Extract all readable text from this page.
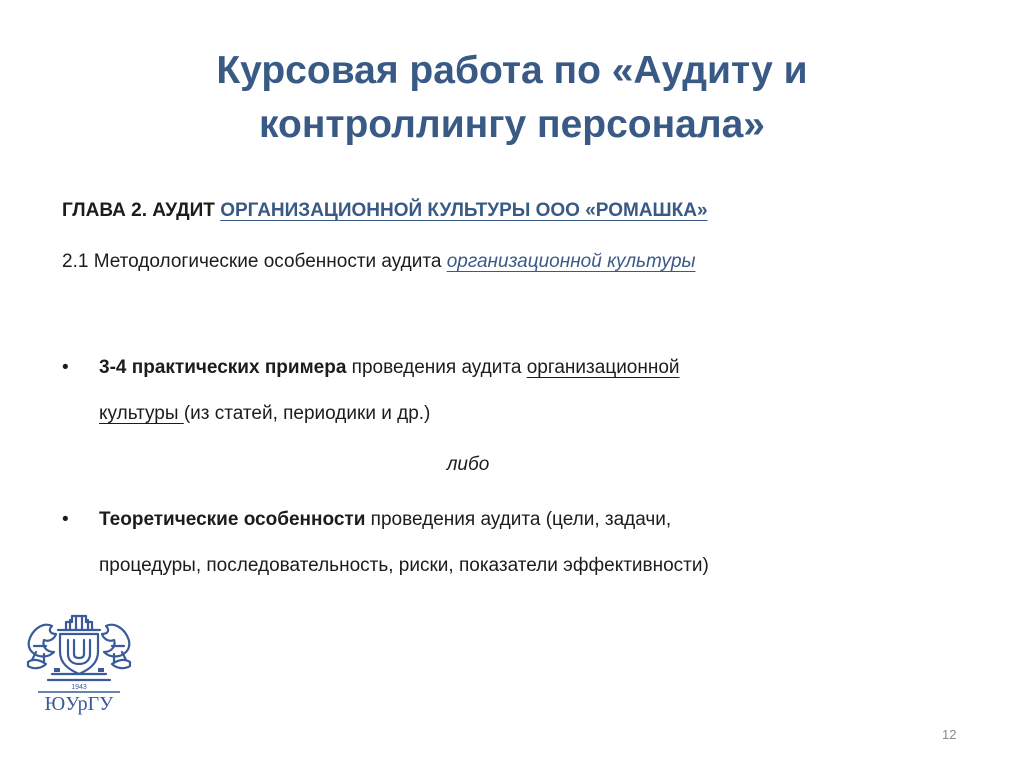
Курсовая работа по «Аудиту и
контроллингу персонала»
ГЛАВА 2. АУДИТ ОРГАНИЗАЦИОННОЙ КУЛЬТУРЫ ООО «РОМАШКА»
2.1 Методологические особенности аудита организационной культуры
•	3-4 практических примера проведения аудита организационной
культуры (из статей, периодики и др.)
либо
•	Теоретические особенности проведения аудита (цели, задачи,
процедуры, последовательность, риски, показатели эффективности)
1943
ЮУрГУ
12
